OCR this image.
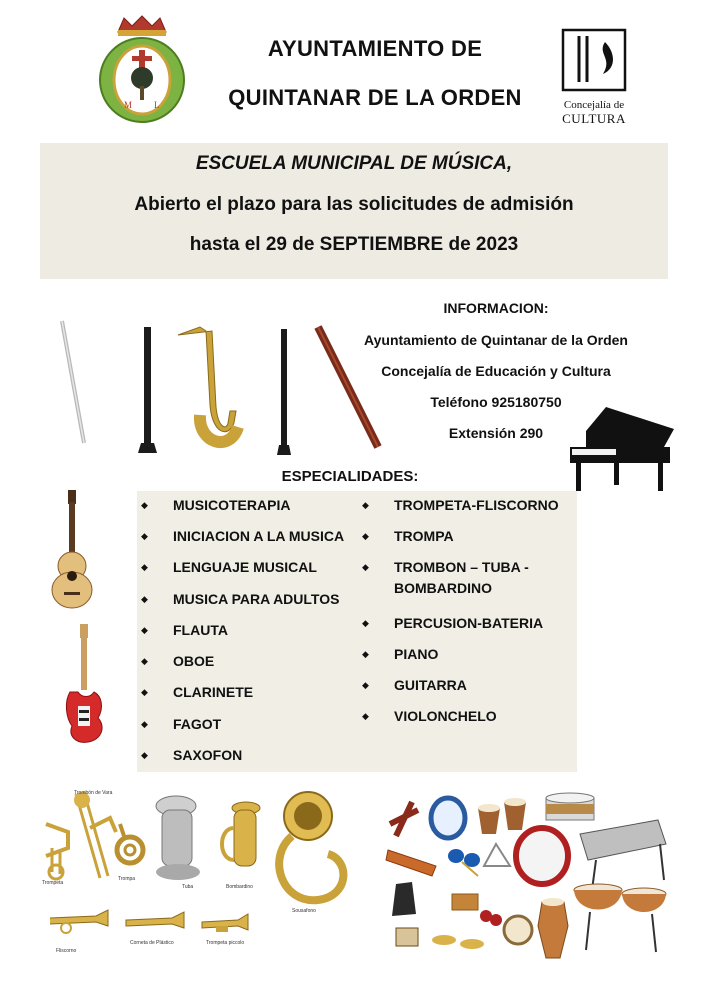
M L
AYUNTAMIENTO DE
QUINTANAR DE LA ORDEN	Concejalía de
CULTURA
ESCUELA MUNICIPAL DE MÚSICA,
Abierto el plazo para las solicitudes de admisión
hasta el 29 de SEPTIEMBRE de 2023
INFORMACION:
Ayuntamiento de Quintanar de la Orden
Concejalía de Educación y Cultura
Teléfono 925180750
Extensión 290
ESPECIALIDADES:
◆ MUSICOTERAPIA
◆ INICIACION A LA MUSICA
◆ LENGUAJE MUSICAL
◆ MUSICA PARA ADULTOS
◆ FLAUTA
◆ OBOE
◆ CLARINETE
◆ FAGOT
◆ SAXOFON
◆ TROMPETA-FLISCORNO
◆ TROMPA
◆ TROMBON – TUBA -
BOMBARDINO
◆ PERCUSION-BATERIA
◆ PIANO
◆ GUITARRA
◆ VIOLONCHELO
Trombón de Vara
Trompeta
Trompa
Tuba	Bombardino
Sousafono
Fliscorno
Corneta de Plástico	Trompeta piccolo
